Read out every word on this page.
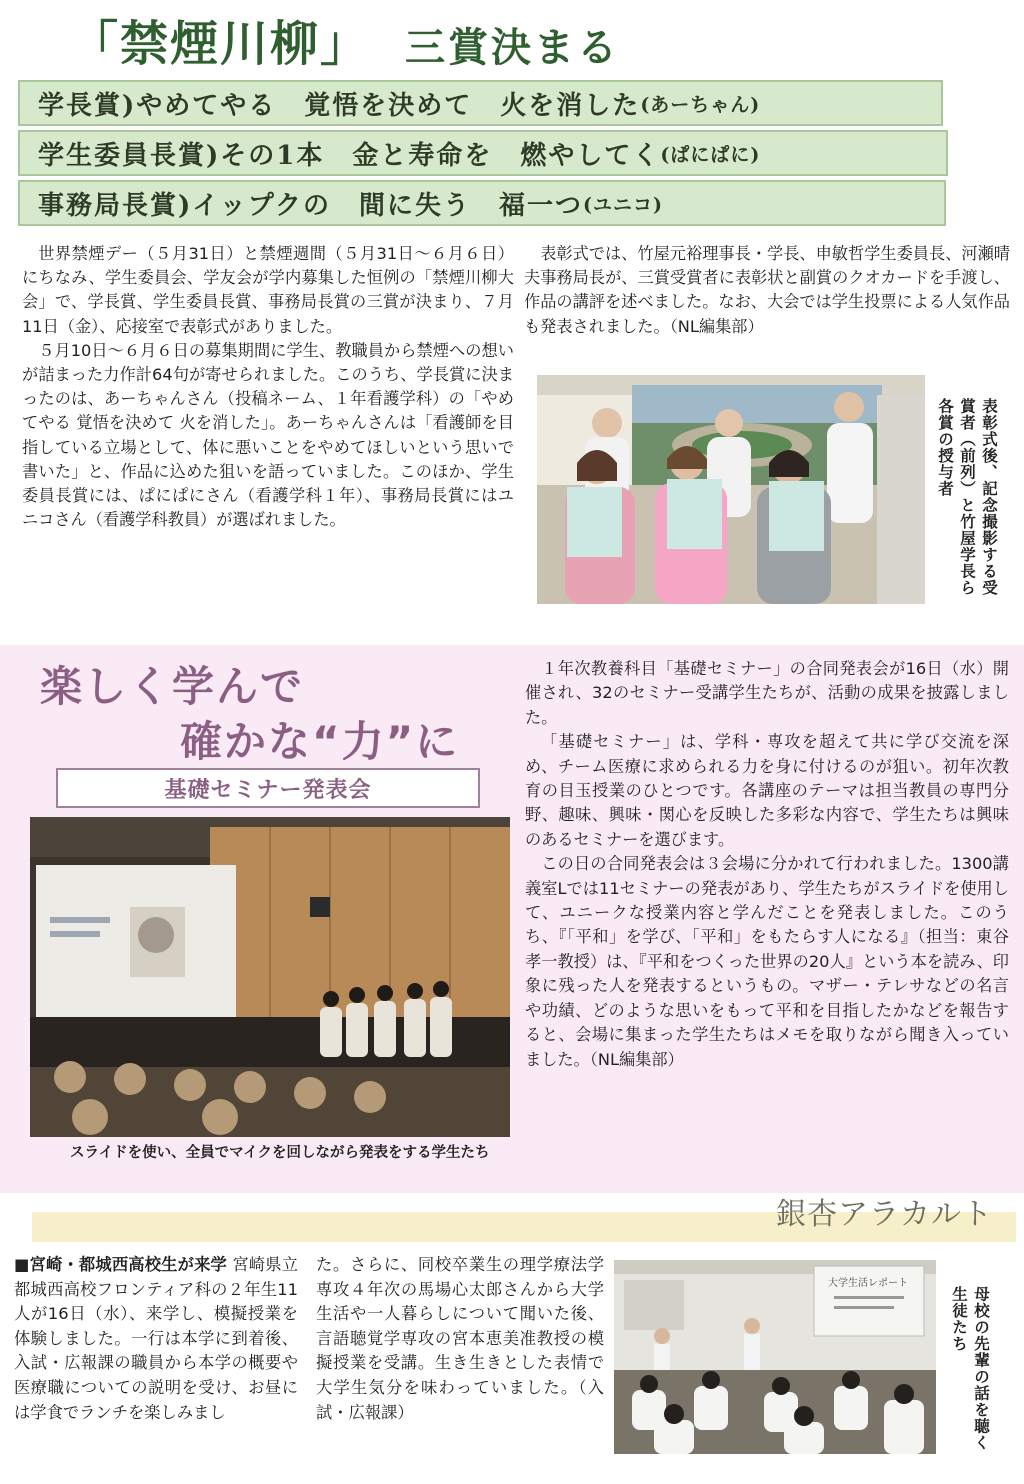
「禁煙川柳」 三賞決まる
学長賞)やめてやる　覚悟を決めて　火を消した (あーちゃん)
学生委員長賞)その1本　金と寿命を　燃やしてく (ぱにぱに)
事務局長賞)イップクの　間に失う　福一つ (ユニコ)

世界禁煙デー（５月31日）と禁煙週間（５月31日～６月６日）にちなみ、学生委員会、学友会が学内募集した恒例の「禁煙川柳大会」で、学長賞、学生委員長賞、事務局長賞の三賞が決まり、７月11日（金）、応接室で表彰式がありました。

５月10日～６月６日の募集期間に学生、教職員から禁煙への想いが詰まった力作計64句が寄せられました。このうち、学長賞に決まったのは、あーちゃんさん（投稿ネーム、１年看護学科）の「やめてやる 覚悟を決めて 火を消した」。あーちゃんさんは「看護師を目指している立場として、体に悪いことをやめてほしいという思いで書いた」と、作品に込めた狙いを語っていました。このほか、学生委員長賞には、ぱにぱにさん（看護学科１年）、事務局長賞にはユニコさん（看護学科教員）が選ばれました。

表彰式では、竹屋元裕理事長・学長、申敏哲学生委員長、河瀬晴夫事務局長が、三賞受賞者に表彰状と副賞のクオカードを手渡し、作品の講評を述べました。なお、大会では学生投票による人気作品も発表されました。（NL編集部）

表彰式後、記念撮影する受賞者（前列）と竹屋学長ら各賞の授与者
楽しく学んで
確かな“力”に
基礎セミナー発表会

スライドを使い、全員でマイクを回しながら発表をする学生たち

１年次教養科目「基礎セミナー」の合同発表会が16日（水）開催され、32のセミナー受講学生たちが、活動の成果を披露しました。

「基礎セミナー」は、学科・専攻を超えて共に学び交流を深め、チーム医療に求められる力を身に付けるのが狙い。初年次教育の目玉授業のひとつです。各講座のテーマは担当教員の専門分野、趣味、興味・関心を反映した多彩な内容で、学生たちは興味のあるセミナーを選びます。

この日の合同発表会は３会場に分かれて行われました。1300講義室Lでは11セミナーの発表があり、学生たちがスライドを使用して、ユニークな授業内容と学んだことを発表しました。このうち、『「平和」を学び、「平和」をもたらす人になる』（担当：東谷孝一教授）は、『平和をつくった世界の20人』という本を読み、印象に残った人を発表するというもの。マザー・テレサなどの名言や功績、どのような思いをもって平和を目指したかなどを報告すると、会場に集まった学生たちはメモを取りながら聞き入っていました。（NL編集部）

銀杏アラカルト
■宮崎・都城西高校生が来学 宮崎県立都城西高校フロンティア科の２年生11人が16日（水）、来学し、模擬授業を体験しました。一行は本学に到着後、入試・広報課の職員から本学の概要や医療職についての説明を受け、お昼には学食でランチを楽しみまし
た。さらに、同校卒業生の理学療法学専攻４年次の馬場心太郎さんから大学生活や一人暮らしについて聞いた後、言語聴覚学専攻の宮本恵美准教授の模擬授業を受講。生き生きとした表情で大学生気分を味わっていました。（入試・広報課）
大学生活レポート
母校の先輩の話を聴く生徒たち
